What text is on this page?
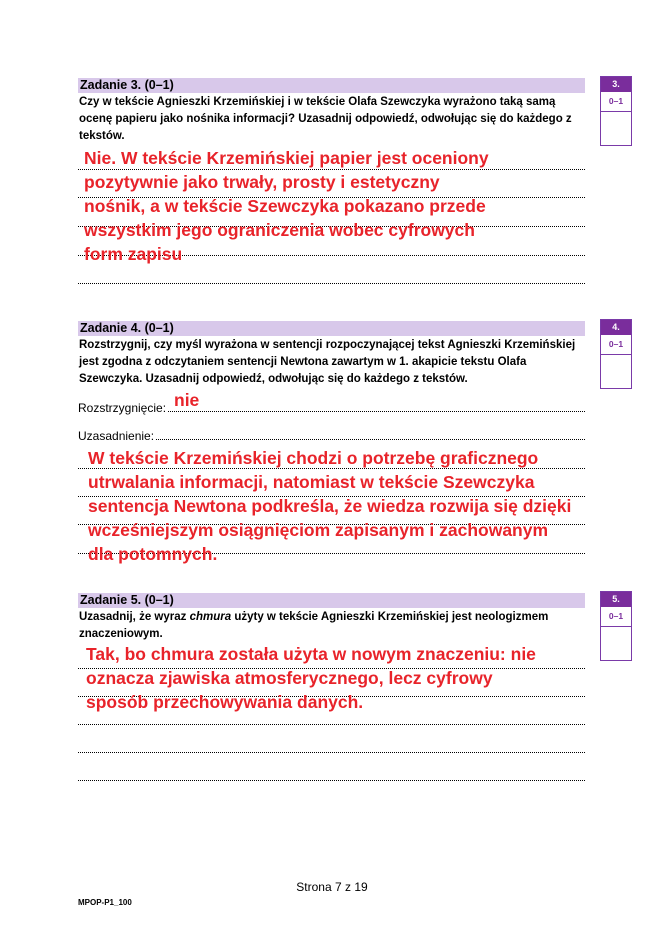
Zadanie 3. (0–1)
Czy w tekście Agnieszki Krzemińskiej i w tekście Olafa Szewczyka wyrażono taką samą ocenę papieru jako nośnika informacji? Uzasadnij odpowiedź, odwołując się do każdego z tekstów.
Nie. W tekście Krzemińskiej papier jest oceniony
pozytywnie jako trwały, prosty i estetyczny
nośnik, a w tekście Szewczyka pokazano przede
wszystkim jego ograniczenia wobec cyfrowych
form zapisu
3.
0–1
Zadanie 4. (0–1)
Rozstrzygnij, czy myśl wyrażona w sentencji rozpoczynającej tekst Agnieszki Krzemińskiej jest zgodna z odczytaniem sentencji Newtona zawartym w 1. akapicie tekstu Olafa Szewczyka. Uzasadnij odpowiedź, odwołując się do każdego z tekstów.
Rozstrzygnięcie:
Uzasadnienie:
nie
W tekście Krzemińskiej chodzi o potrzebę graficznego
utrwalania informacji, natomiast w tekście Szewczyka
sentencja Newtona podkreśla, że wiedza rozwija się dzięki
wcześniejszym osiągnięciom zapisanym i zachowanym
dla potomnych.
4.
0–1
Zadanie 5. (0–1)
Uzasadnij, że wyraz chmura użyty w tekście Agnieszki Krzemińskiej jest neologizmem znaczeniowym.
Tak, bo chmura została użyta w nowym znaczeniu: nie
oznacza zjawiska atmosferycznego, lecz cyfrowy
sposób przechowywania danych.
5.
0–1
Strona 7 z 19
MPOP-P1_100
